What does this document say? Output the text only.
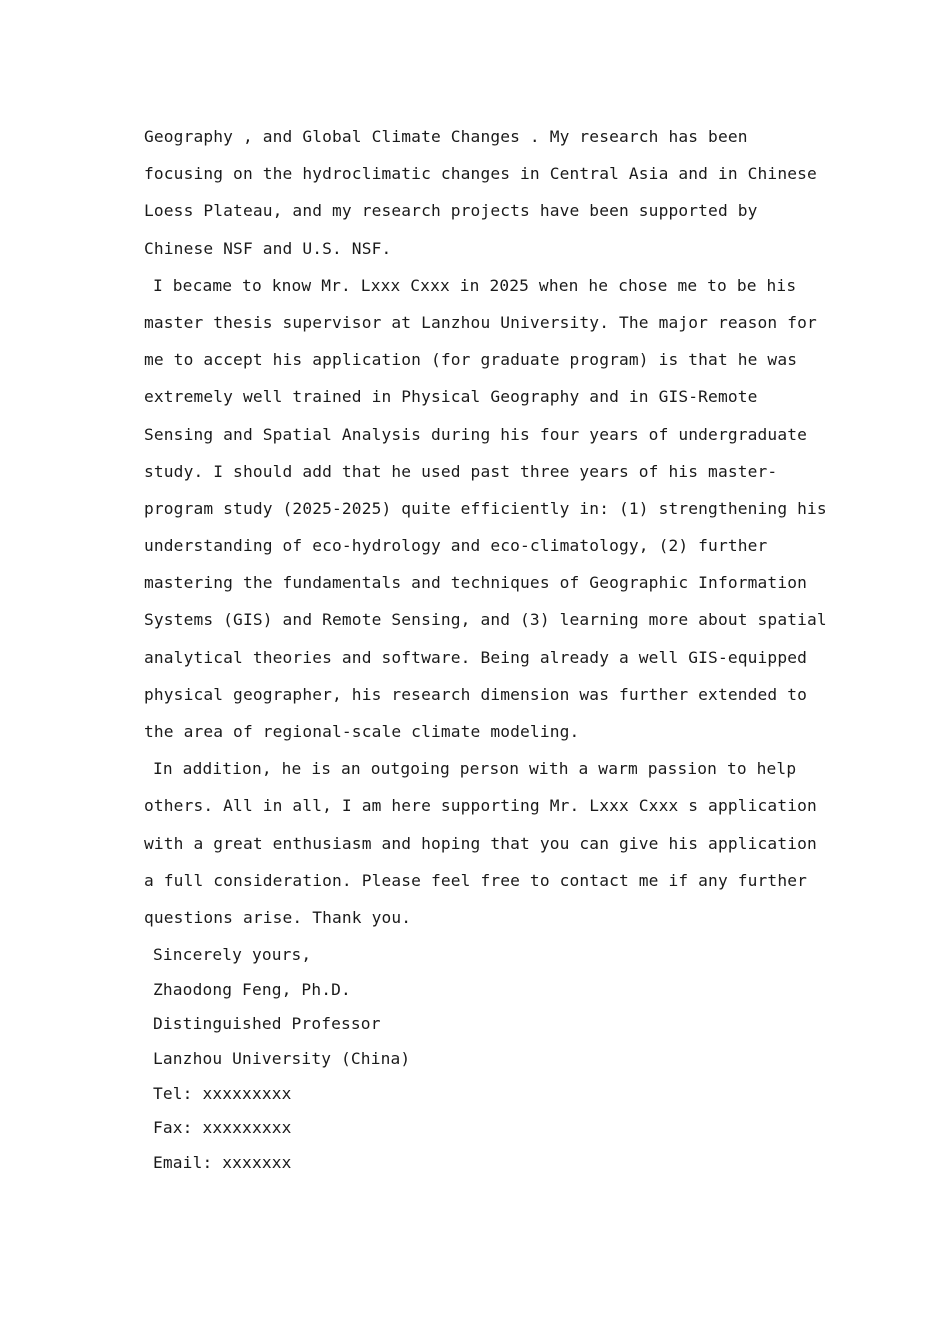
Geography , and Global Climate Changes . My research has been
focusing on the hydroclimatic changes in Central Asia and in Chinese
Loess Plateau, and my research projects have been supported by
Chinese NSF and U.S. NSF.
I became to know Mr. Lxxx Cxxx in 2025 when he chose me to be his
master thesis supervisor at Lanzhou University. The major reason for
me to accept his application (for graduate program) is that he was
extremely well trained in Physical Geography and in GIS-Remote
Sensing and Spatial Analysis during his four years of undergraduate
study. I should add that he used past three years of his master-
program study (2025-2025) quite efficiently in: (1) strengthening his
understanding of eco-hydrology and eco-climatology, (2) further
mastering the fundamentals and techniques of Geographic Information
Systems (GIS) and Remote Sensing, and (3) learning more about spatial
analytical theories and software. Being already a well GIS-equipped
physical geographer, his research dimension was further extended to
the area of regional-scale climate modeling.
In addition, he is an outgoing person with a warm passion to help
others. All in all, I am here supporting Mr. Lxxx Cxxx s application
with a great enthusiasm and hoping that you can give his application
a full consideration. Please feel free to contact me if any further
questions arise. Thank you.
Sincerely yours,
Zhaodong Feng, Ph.D.
Distinguished Professor
Lanzhou University (China)
Tel: xxxxxxxxx
Fax: xxxxxxxxx
Email: xxxxxxx
